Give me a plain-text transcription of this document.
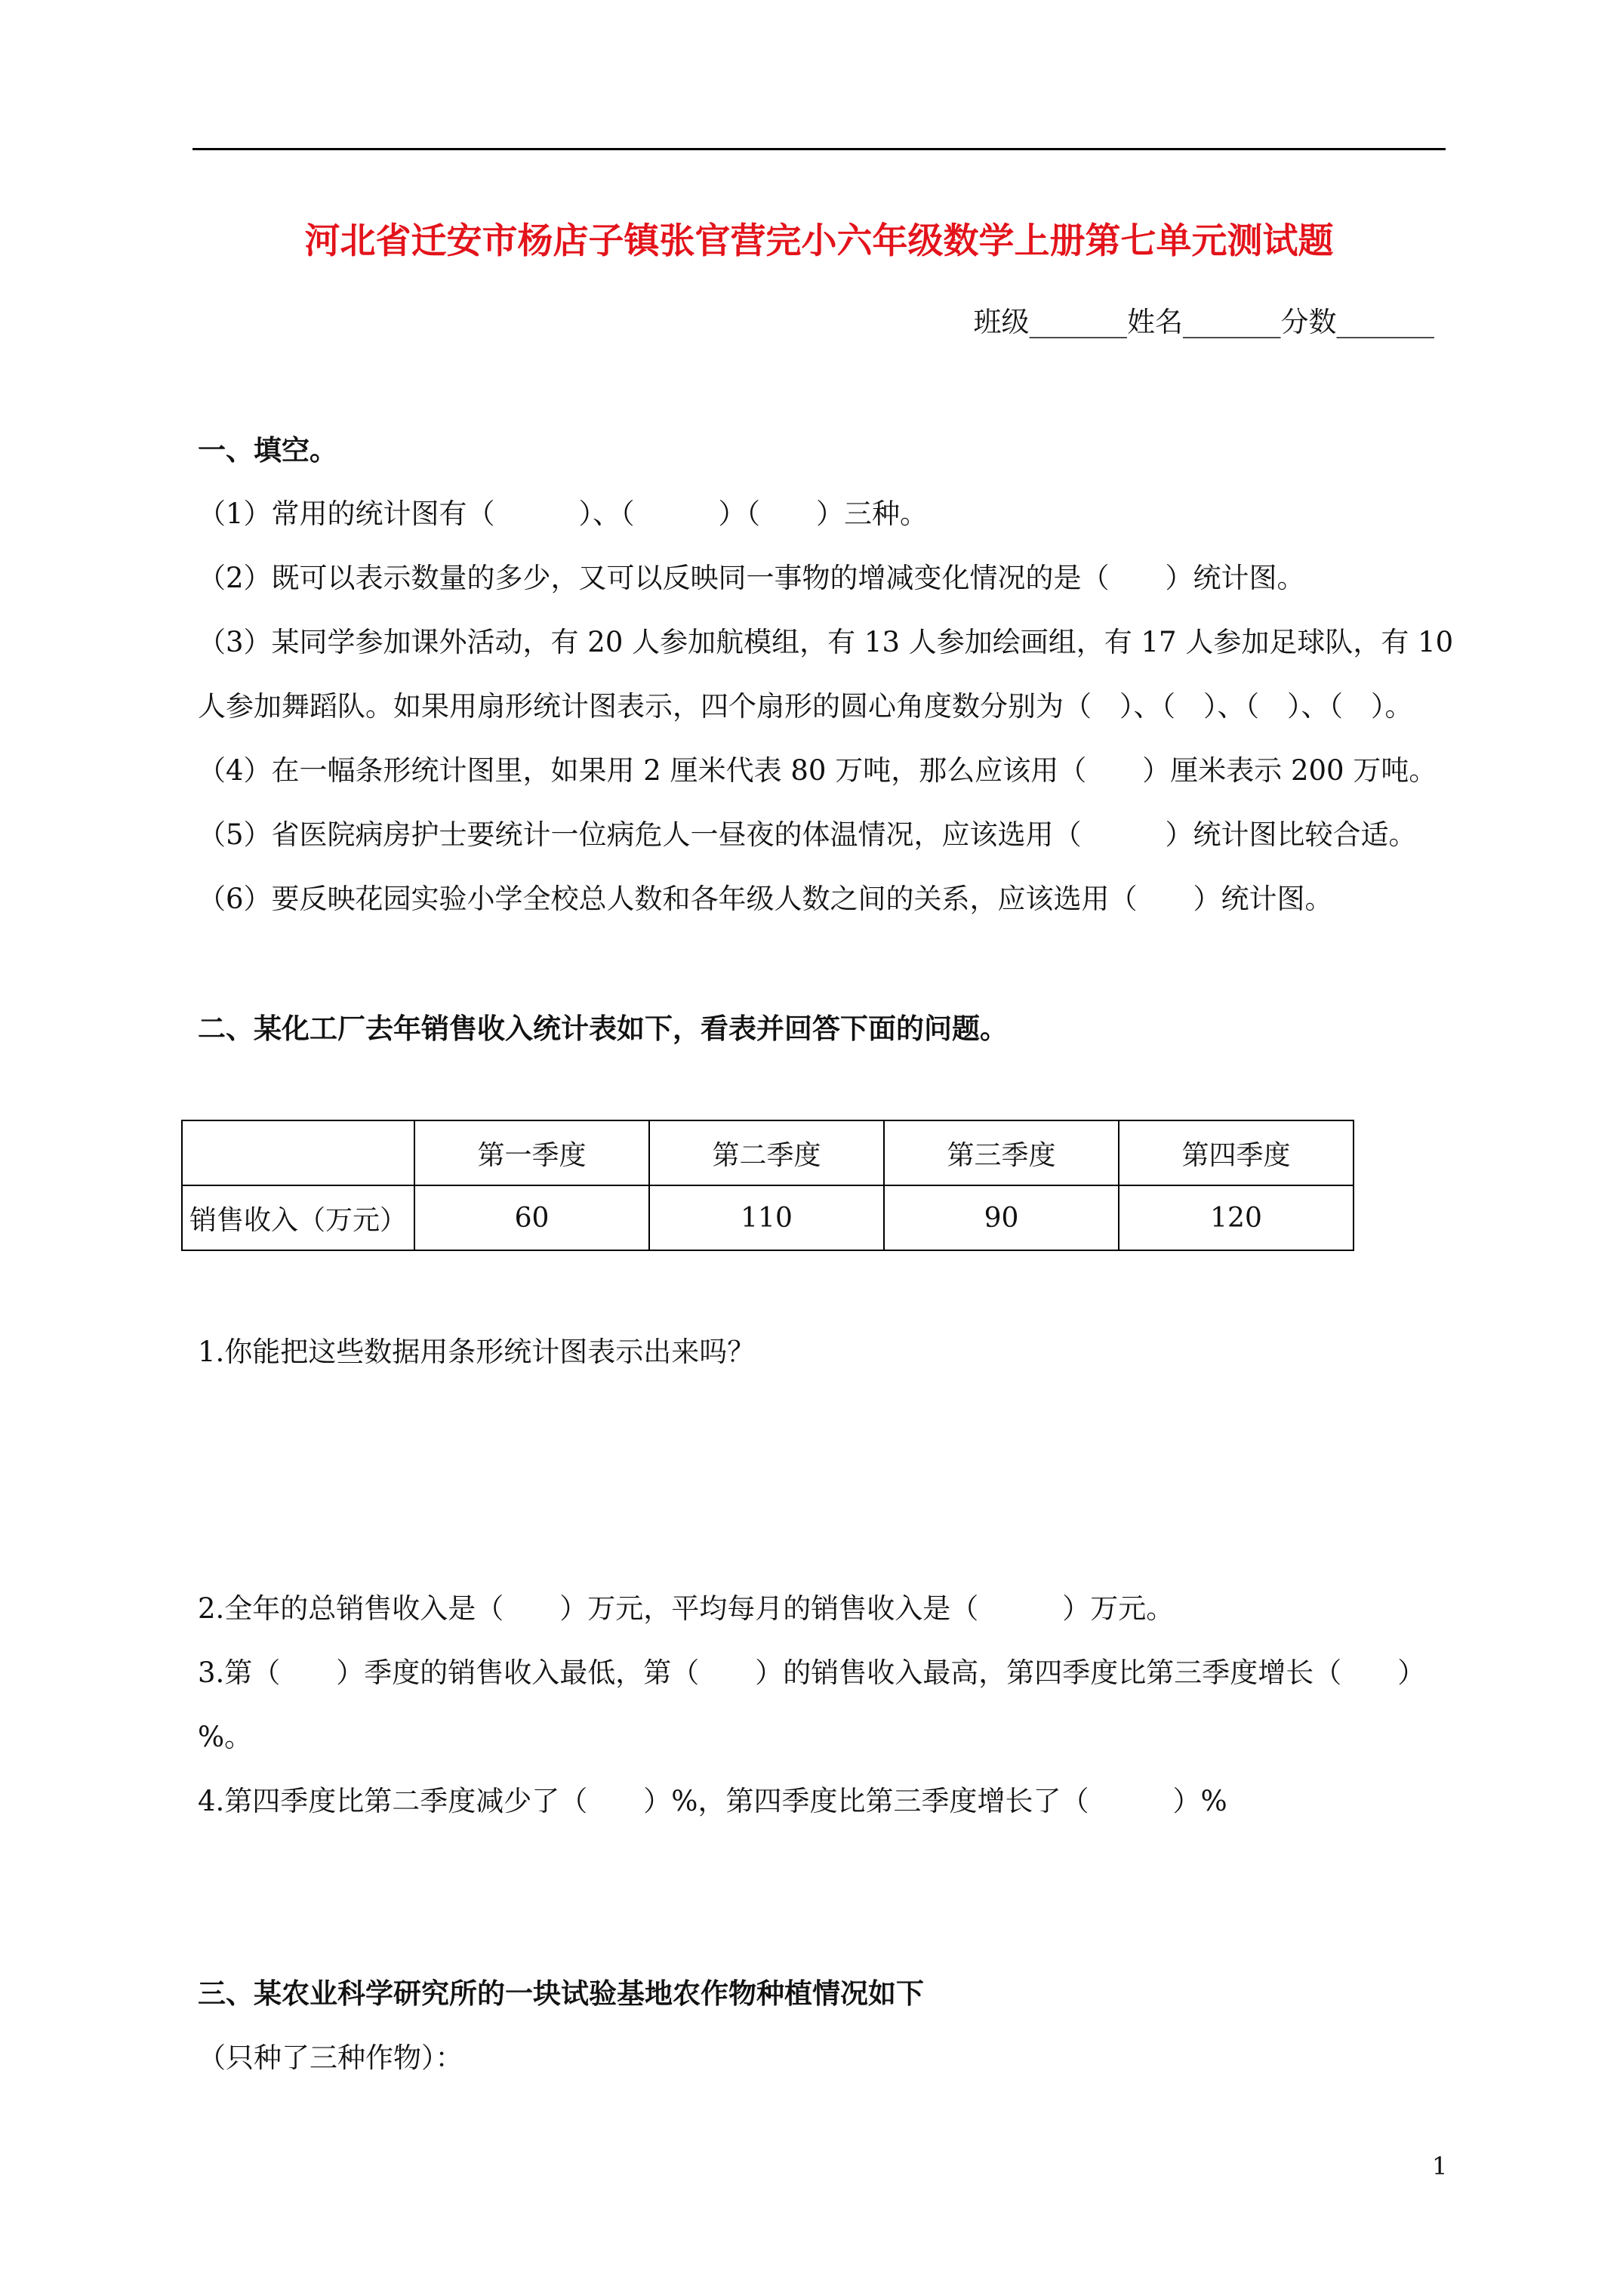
河北省迁安市杨店子镇张官营完小六年级数学上册第七单元测试题
班级_______姓名_______分数_______
一、填空。
（1）常用的统计图有（　　　）、（　　　）（　　）三种。
（2）既可以表示数量的多少，又可以反映同一事物的增减变化情况的是（　　）统计图。
（3）某同学参加课外活动，有 20 人参加航模组，有 13 人参加绘画组，有 17 人参加足球队，有 10
人参加舞蹈队。如果用扇形统计图表示，四个扇形的圆心角度数分别为（　）、（　）、（　）、（　）。
（4）在一幅条形统计图里，如果用 2 厘米代表 80 万吨，那么应该用（　　）厘米表示 200 万吨。
（5）省医院病房护士要统计一位病危人一昼夜的体温情况，应该选用（　　　）统计图比较合适。
（6）要反映花园实验小学全校总人数和各年级人数之间的关系，应该选用（　　）统计图。
二、某化工厂去年销售收入统计表如下，看表并回答下面的问题。
	第一季度	第二季度	第三季度	第四季度
销售收入（万元）	60	110	90	120
1.你能把这些数据用条形统计图表示出来吗？
2.全年的总销售收入是（　　）万元，平均每月的销售收入是（　　　）万元。
3.第（　　）季度的销售收入最低，第（　　）的销售收入最高，第四季度比第三季度增长（　　）
%。
4.第四季度比第二季度减少了（　　）%，第四季度比第三季度增长了（　　　）%
三、某农业科学研究所的一块试验基地农作物种植情况如下
（只种了三种作物）：
1
